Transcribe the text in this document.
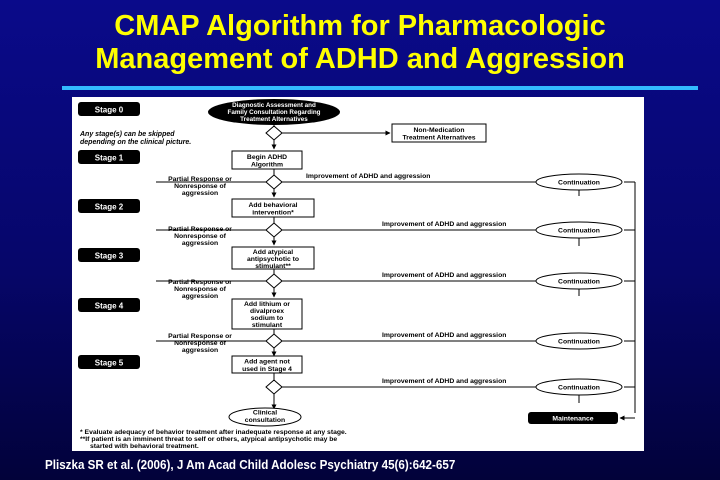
CMAP Algorithm for Pharmacologic
Management of ADHD and Aggression
Stage 0
Stage 1
Stage 2
Stage 3
Stage 4
Stage 5
Diagnostic Assessment and
Family Consultation Regarding
Treatment Alternatives
Any stage(s) can be skipped
depending on the clinical picture.
Non-Medication
Treatment Alternatives
Begin ADHD
Algorithm
Add behavioral
intervention*
Add atypical
antipsychotic to
stimulant**
Add lithium or
divalproex
sodium to
stimulant
Add agent not
used in Stage 4
Partial Response or
Nonresponse of
aggression
Partial Response or
Nonresponse of
aggression
Partial Response or
Nonresponse of
aggression
Partial Response or
Nonresponse of
aggression
Improvement of ADHD and aggression
Improvement of ADHD and aggression
Improvement of ADHD and aggression
Improvement of ADHD and aggression
Improvement of ADHD and aggression
Continuation
Continuation
Continuation
Continuation
Continuation
Clinical
consultation	Maintenance
* Evaluate adequacy of behavior treatment after inadequate response at any stage.
**If patient is an imminent threat to self or others, atypical antipsychotic may be
started with behavioral treatment.
Pliszka SR et al. (2006), J Am Acad Child Adolesc Psychiatry 45(6):642-657
